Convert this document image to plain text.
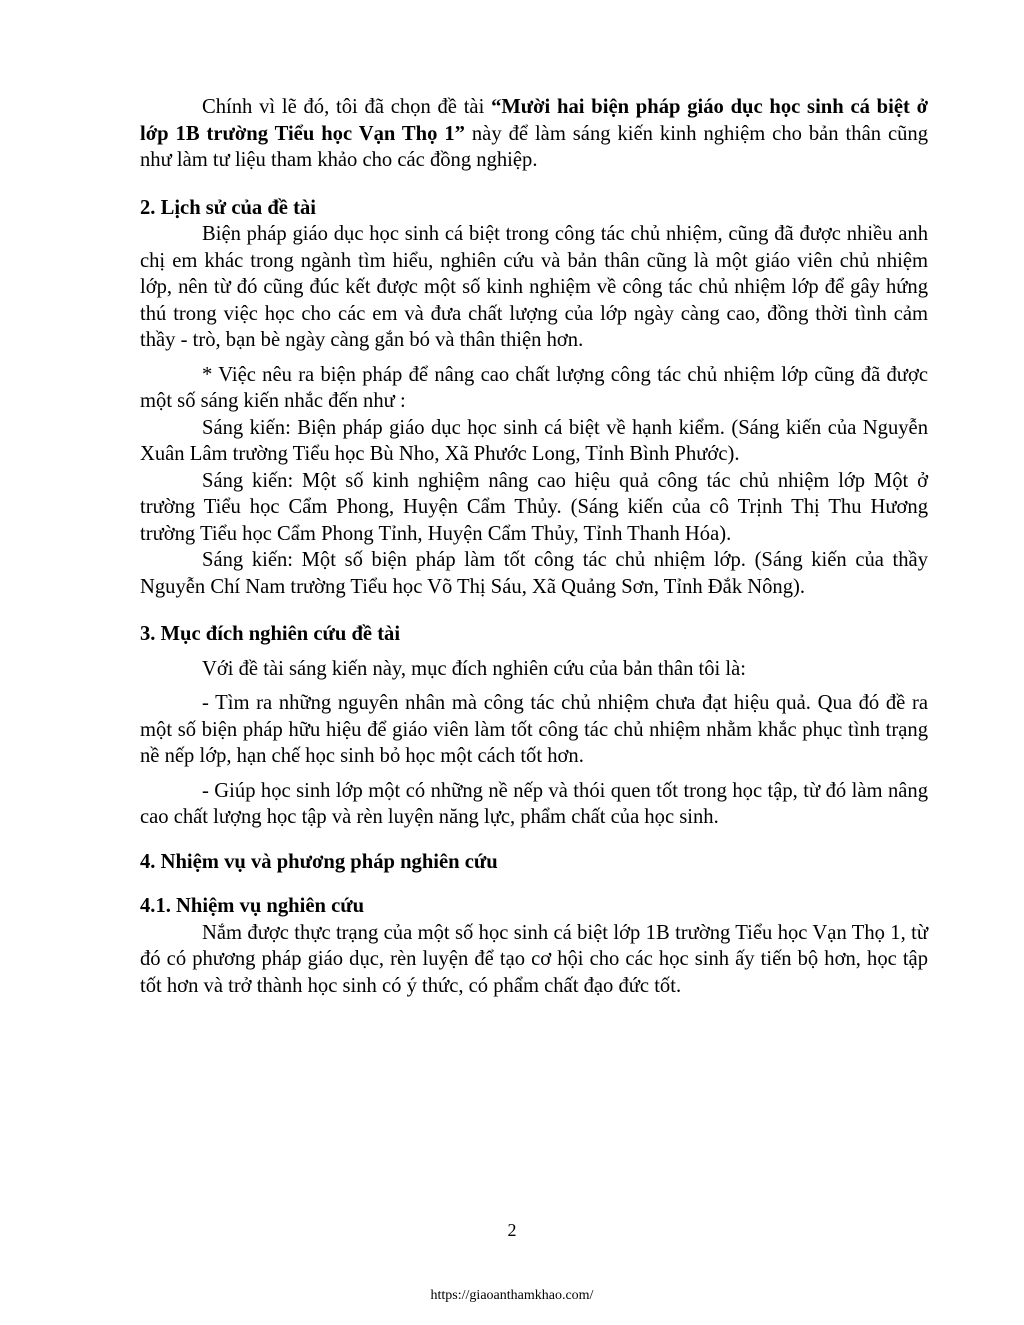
Chính vì lẽ đó, tôi đã chọn đề tài “Mười hai biện pháp giáo dục học sinh cá biệt ở lớp 1B trường Tiểu học Vạn Thọ 1” này để làm sáng kiến kinh nghiệm cho bản thân cũng như làm tư liệu tham khảo cho các đồng nghiệp.

2. Lịch sử của đề tài

Biện pháp giáo dục học sinh cá biệt trong công tác chủ nhiệm, cũng đã được nhiều anh chị em khác trong ngành tìm hiểu, nghiên cứu và bản thân cũng là một giáo viên chủ nhiệm lớp, nên từ đó cũng đúc kết được một số kinh nghiệm về công tác chủ nhiệm lớp để gây hứng thú trong việc học cho các em và đưa chất lượng của lớp ngày càng cao, đồng thời tình cảm thầy - trò, bạn bè ngày càng gắn bó và thân thiện hơn.

* Việc nêu ra biện pháp để nâng cao chất lượng công tác chủ nhiệm lớp cũng đã được một số sáng kiến nhắc đến như :

Sáng kiến: Biện pháp giáo dục học sinh cá biệt về hạnh kiểm. (Sáng kiến của Nguyễn Xuân Lâm trường Tiểu học Bù Nho, Xã Phước Long, Tỉnh Bình Phước).

Sáng kiến: Một số kinh nghiệm nâng cao hiệu quả công tác chủ nhiệm lớp Một ở trường Tiểu học Cẩm Phong, Huyện Cẩm Thủy. (Sáng kiến của cô Trịnh Thị Thu Hương trường Tiểu học Cẩm Phong Tỉnh, Huyện Cẩm Thủy, Tỉnh Thanh Hóa).

Sáng kiến: Một số biện pháp làm tốt công tác chủ nhiệm lớp. (Sáng kiến của thầy Nguyễn Chí Nam trường Tiểu học Võ Thị Sáu, Xã Quảng Sơn, Tỉnh Đắk Nông).

3. Mục đích nghiên cứu đề tài

Với đề tài sáng kiến này, mục đích nghiên cứu của bản thân tôi là:

- Tìm ra những nguyên nhân mà công tác chủ nhiệm chưa đạt hiệu quả. Qua đó đề ra một số biện pháp hữu hiệu để giáo viên làm tốt công tác chủ nhiệm nhằm khắc phục tình trạng nề nếp lớp, hạn chế học sinh bỏ học một cách tốt hơn.

- Giúp học sinh lớp một có những nề nếp và thói quen tốt trong học tập, từ đó làm nâng cao chất lượng học tập và rèn luyện năng lực, phẩm chất của học sinh.

4. Nhiệm vụ và phương pháp nghiên cứu

4.1. Nhiệm vụ nghiên cứu

Nắm được thực trạng của một số học sinh cá biệt lớp 1B trường Tiểu học Vạn Thọ 1, từ đó có phương pháp giáo dục, rèn luyện để tạo cơ hội cho các học sinh ấy tiến bộ hơn, học tập tốt hơn và trở thành học sinh có ý thức, có phẩm chất đạo đức tốt.

2
https://giaoanthamkhao.com/
